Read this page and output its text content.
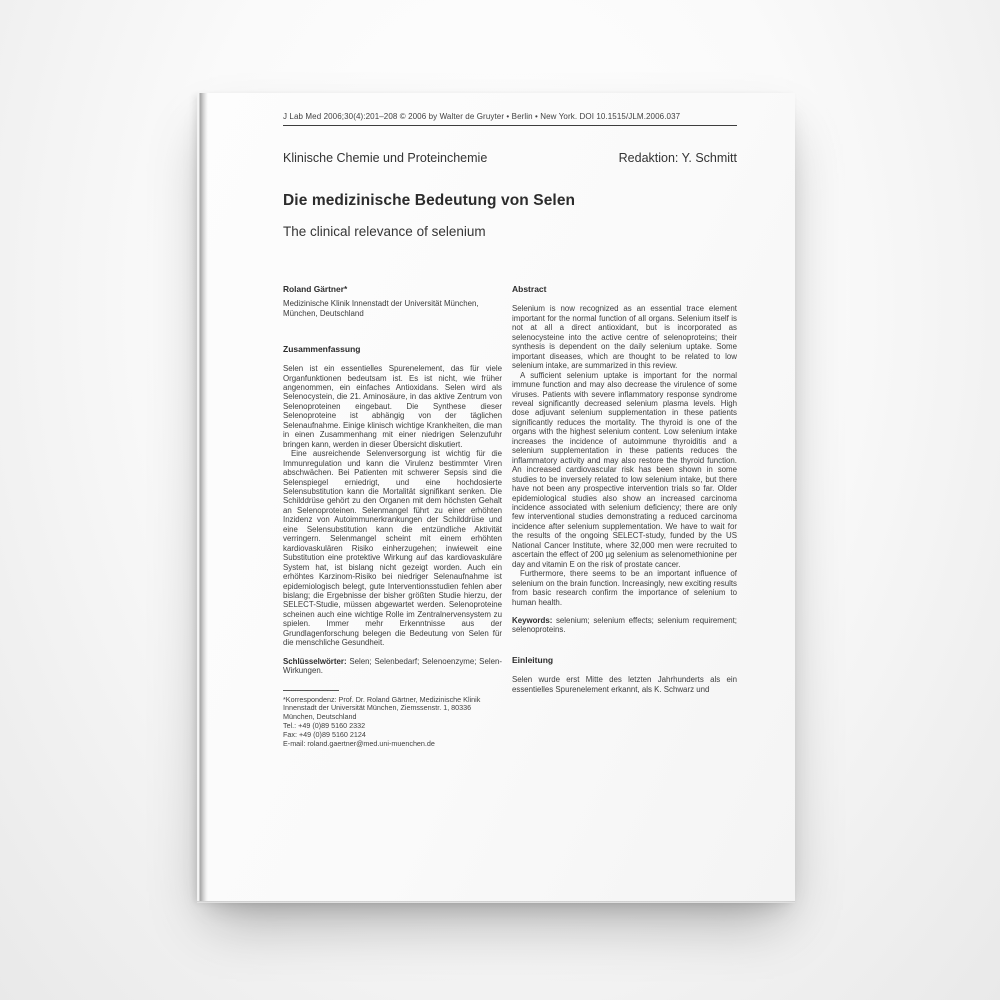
J Lab Med 2006;30(4):201–208 © 2006 by Walter de Gruyter • Berlin • New York. DOI 10.1515/JLM.2006.037
Klinische Chemie und Proteinchemie	Redaktion: Y. Schmitt
Die medizinische Bedeutung von Selen
The clinical relevance of selenium
Roland Gärtner*
Medizinische Klinik Innenstadt der Universität München, München, Deutschland
Zusammenfassung

Selen ist ein essentielles Spurenelement, das für viele Organfunktionen bedeutsam ist. Es ist nicht, wie früher angenommen, ein einfaches Antioxidans. Selen wird als Selenocystein, die 21. Aminosäure, in das aktive Zentrum von Selenoproteinen eingebaut. Die Synthese dieser Selenoproteine ist abhängig von der täglichen Selenaufnahme. Einige klinisch wichtige Krankheiten, die man in einen Zusammenhang mit einer niedrigen Selenzufuhr bringen kann, werden in dieser Übersicht diskutiert.

Eine ausreichende Selenversorgung ist wichtig für die Immunregulation und kann die Virulenz bestimmter Viren abschwächen. Bei Patienten mit schwerer Sepsis sind die Selenspiegel erniedrigt, und eine hochdosierte Selensubstitution kann die Mortalität signifikant senken. Die Schilddrüse gehört zu den Organen mit dem höchsten Gehalt an Selenoproteinen. Selenmangel führt zu einer erhöhten Inzidenz von Autoimmunerkrankungen der Schilddrüse und eine Selensubstitution kann die entzündliche Aktivität verringern. Selenmangel scheint mit einem erhöhten kardiovaskulären Risiko einherzugehen; inwieweit eine Substitution eine protektive Wirkung auf das kardiovaskuläre System hat, ist bislang nicht gezeigt worden. Auch ein erhöhtes Karzinom-Risiko bei niedriger Selenaufnahme ist epidemiologisch belegt, gute Interventionsstudien fehlen aber bislang; die Ergebnisse der bisher größten Studie hierzu, der SELECT-Studie, müssen abgewartet werden. Selenoproteine scheinen auch eine wichtige Rolle im Zentralnervensystem zu spielen. Immer mehr Erkenntnisse aus der Grundlagenforschung belegen die Bedeutung von Selen für die menschliche Gesundheit.

Schlüsselwörter: Selen; Selenbedarf; Selenoenzyme; Selen-Wirkungen.

*Korrespondenz: Prof. Dr. Roland Gärtner, Medizinische Klinik Innenstadt der Universität München, Ziemssenstr. 1, 80336 München, Deutschland
Tel.: +49 (0)89 5160 2332
Fax: +49 (0)89 5160 2124
E-mail: roland.gaertner@med.uni-muenchen.de
Abstract

Selenium is now recognized as an essential trace element important for the normal function of all organs. Selenium itself is not at all a direct antioxidant, but is incorporated as selenocysteine into the active centre of selenoproteins; their synthesis is dependent on the daily selenium uptake. Some important diseases, which are thought to be related to low selenium intake, are summarized in this review.

A sufficient selenium uptake is important for the normal immune function and may also decrease the virulence of some viruses. Patients with severe inflammatory response syndrome reveal significantly decreased selenium plasma levels. High dose adjuvant selenium supplementation in these patients significantly reduces the mortality. The thyroid is one of the organs with the highest selenium content. Low selenium intake increases the incidence of autoimmune thyroiditis and a selenium supplementation in these patients reduces the inflammatory activity and may also restore the thyroid function. An increased cardiovascular risk has been shown in some studies to be inversely related to low selenium intake, but there have not been any prospective intervention trials so far. Older epidemiological studies also show an increased carcinoma incidence associated with selenium deficiency; there are only few interventional studies demonstrating a reduced carcinoma incidence after selenium supplementation. We have to wait for the results of the ongoing SELECT-study, funded by the US National Cancer Institute, where 32,000 men were recruited to ascertain the effect of 200 µg selenium as selenomethionine per day and vitamin E on the risk of prostate cancer.

Furthermore, there seems to be an important influence of selenium on the brain function. Increasingly, new exciting results from basic research confirm the importance of selenium to human health.

Keywords: selenium; selenium effects; selenium requirement; selenoproteins.

Einleitung

Selen wurde erst Mitte des letzten Jahrhunderts als ein essentielles Spurenelement erkannt, als K. Schwarz und
